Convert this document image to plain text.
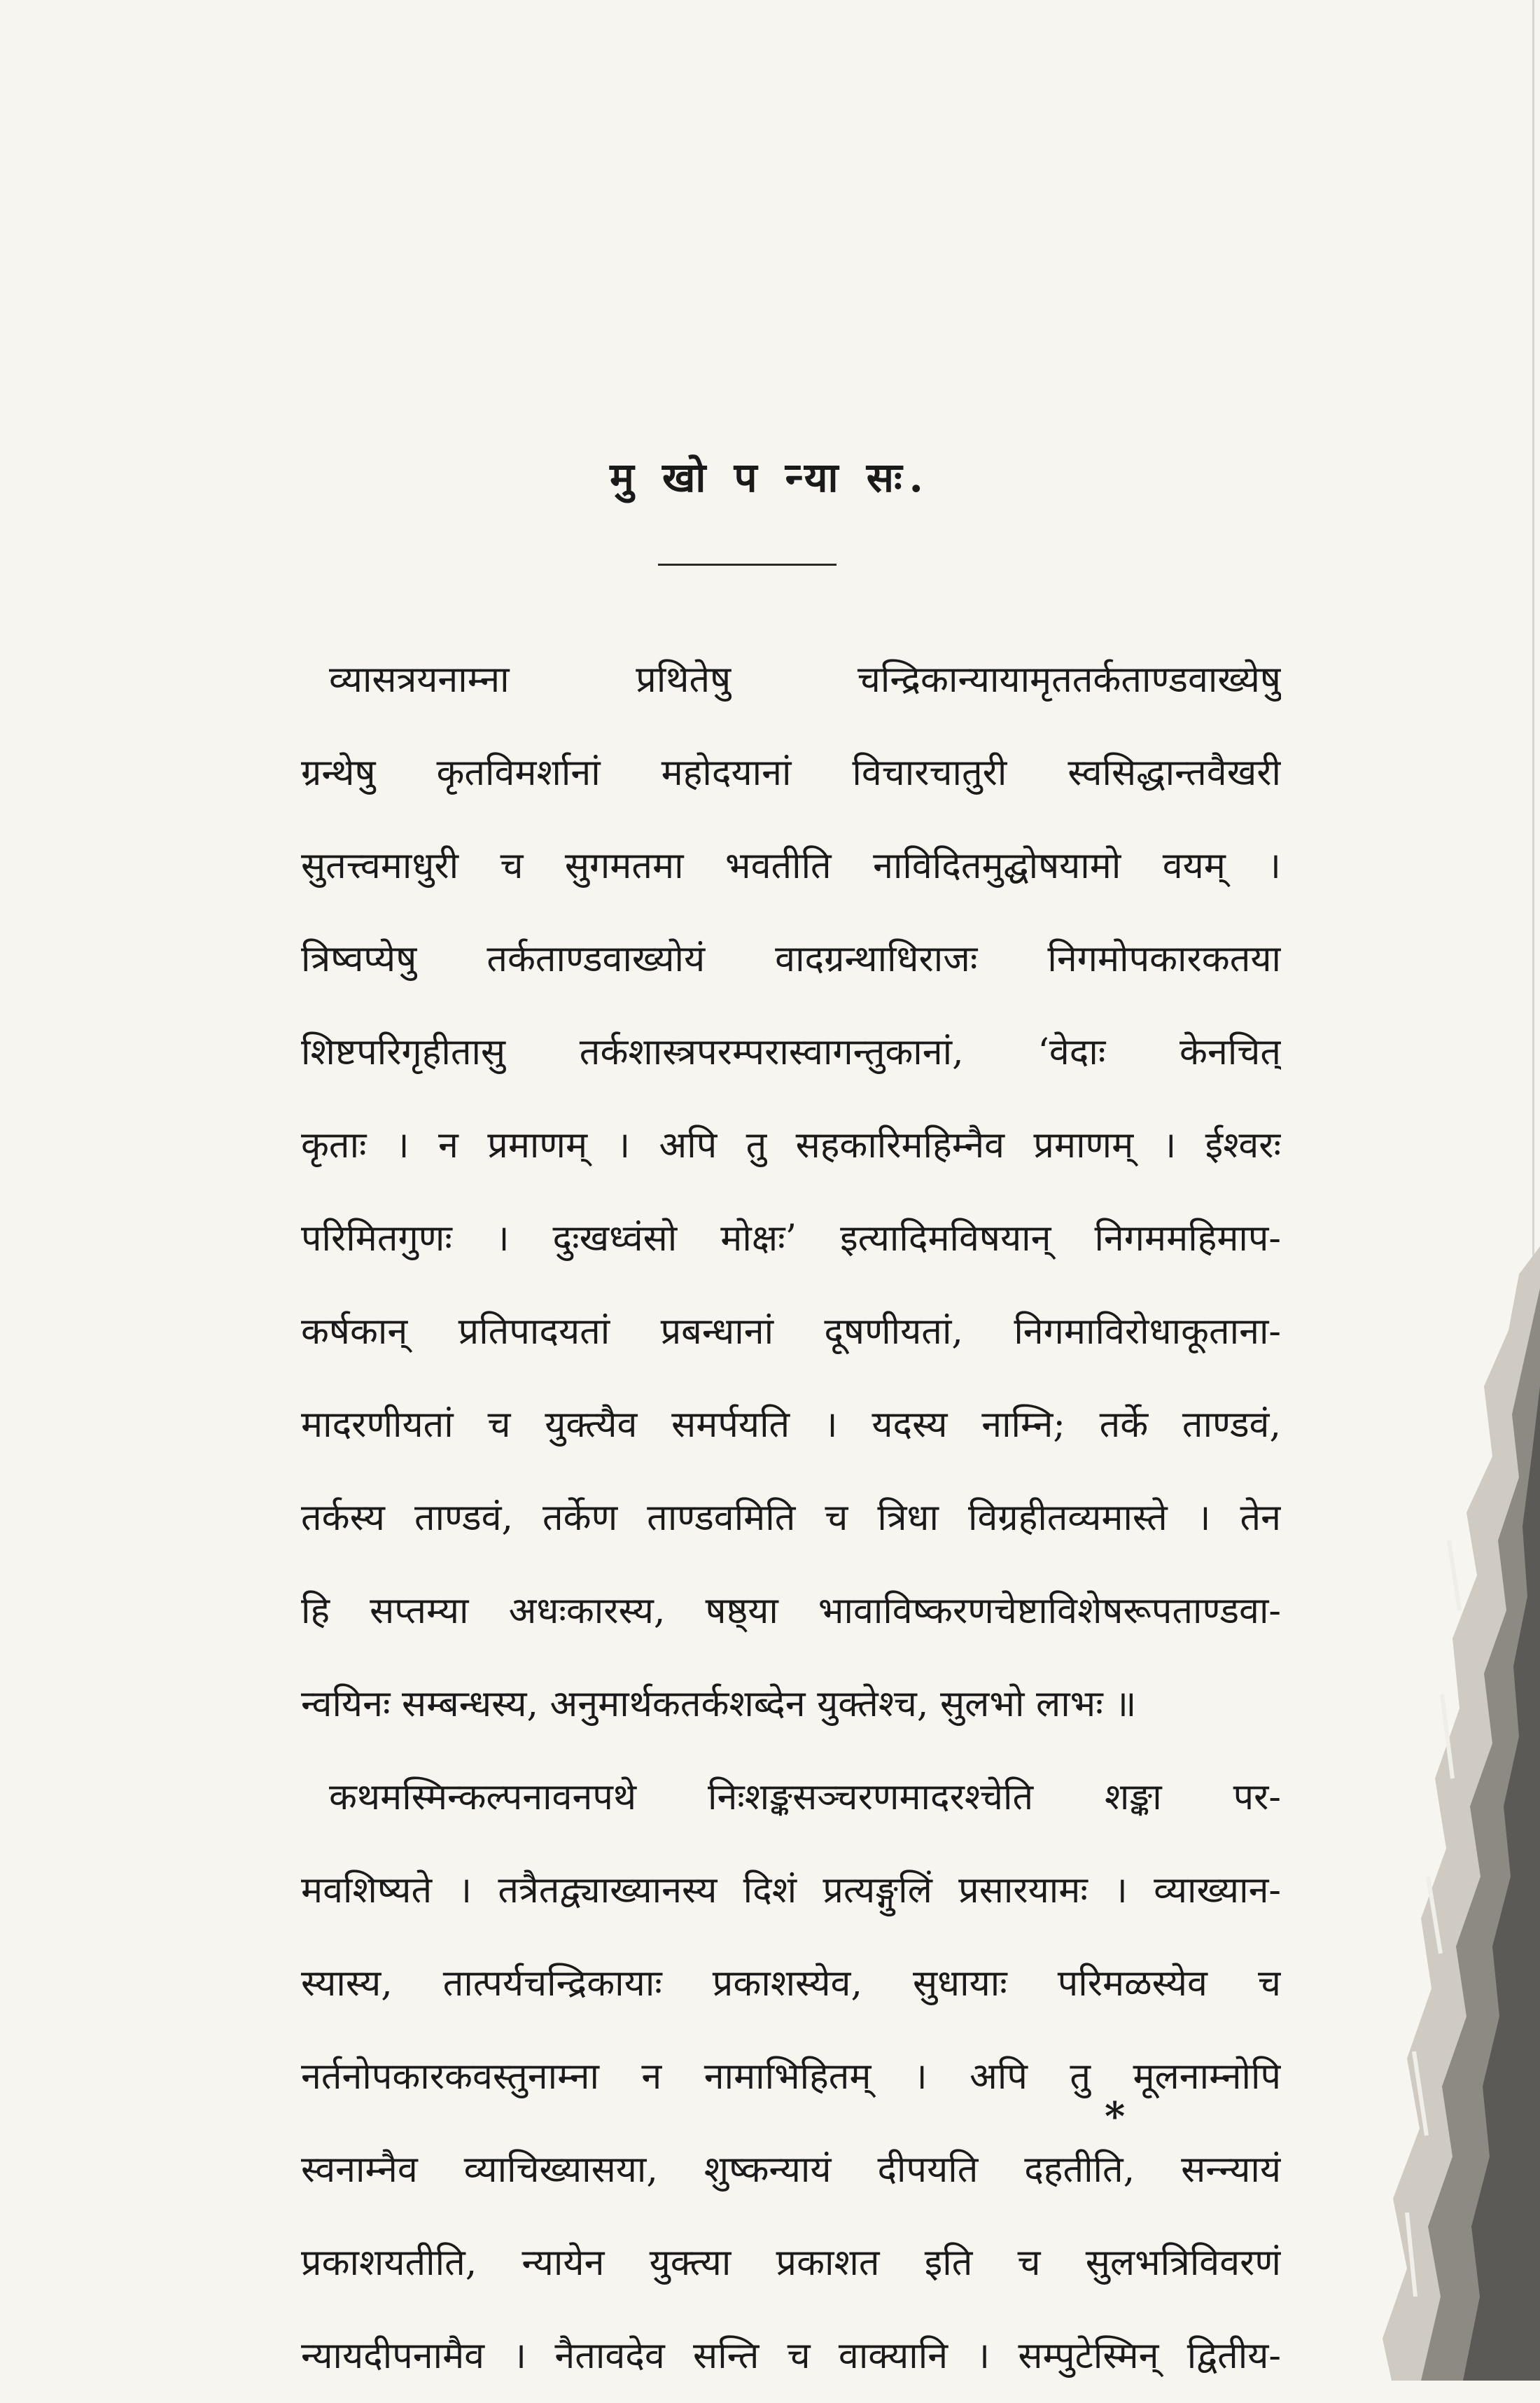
मु खो प न्या सः.
व्यासत्रयनाम्ना प्रथितेषु चन्द्रिकान्यायामृततर्कताण्डवाख्येषु
ग्रन्थेषु कृतविमर्शानां महोदयानां विचारचातुरी स्वसिद्धान्तवैखरी
सुतत्त्वमाधुरी च सुगमतमा भवतीति नाविदितमुद्घोषयामो वयम् ।
त्रिष्वप्येषु तर्कताण्डवाख्योयं वादग्रन्थाधिराजः निगमोपकारकतया
शिष्टपरिगृहीतासु तर्कशास्त्रपरम्परास्वागन्तुकानां, ‘वेदाः केनचित्
कृताः । न प्रमाणम् । अपि तु सहकारिमहिम्नैव प्रमाणम् । ईश्वरः
परिमितगुणः । दुःखध्वंसो मोक्षः’ इत्यादिमविषयान् निगममहिमाप-
कर्षकान् प्रतिपादयतां प्रबन्धानां दूषणीयतां, निगमाविरोधाकूताना-
मादरणीयतां च युक्त्यैव समर्पयति । यदस्य नाम्नि; तर्के ताण्डवं,
तर्कस्य ताण्डवं, तर्केण ताण्डवमिति च त्रिधा विग्रहीतव्यमास्ते । तेन
हि सप्तम्या अधःकारस्य, षष्ठ्या भावाविष्करणचेष्टाविशेषरूपताण्डवा-
न्वयिनः सम्बन्धस्य, अनुमार्थकतर्कशब्देन युक्तेश्च, सुलभो लाभः ॥
कथमस्मिन्कल्पनावनपथे निःशङ्कसञ्चरणमादरश्चेति शङ्का पर-
मवशिष्यते । तत्रैतद्व्याख्यानस्य दिशं प्रत्यङ्गुलिं प्रसारयामः । व्याख्यान-
स्यास्य, तात्पर्यचन्द्रिकायाः प्रकाशस्येव, सुधायाः परिमळस्येव च
नर्तनोपकारकवस्तुनाम्ना न नामाभिहितम् । अपि तु मूलनाम्नोपि
स्वनाम्नैव व्याचिख्यासया, शुष्कन्यायं दीपयति दहतीति, सन्न्यायं
प्रकाशयतीति, न्यायेन युक्त्या प्रकाशत इति च सुलभत्रिविवरणं
न्यायदीपनामैव । नैतावदेव सन्ति च वाक्यानि । सम्पुटेस्मिन् द्वितीय-
*
